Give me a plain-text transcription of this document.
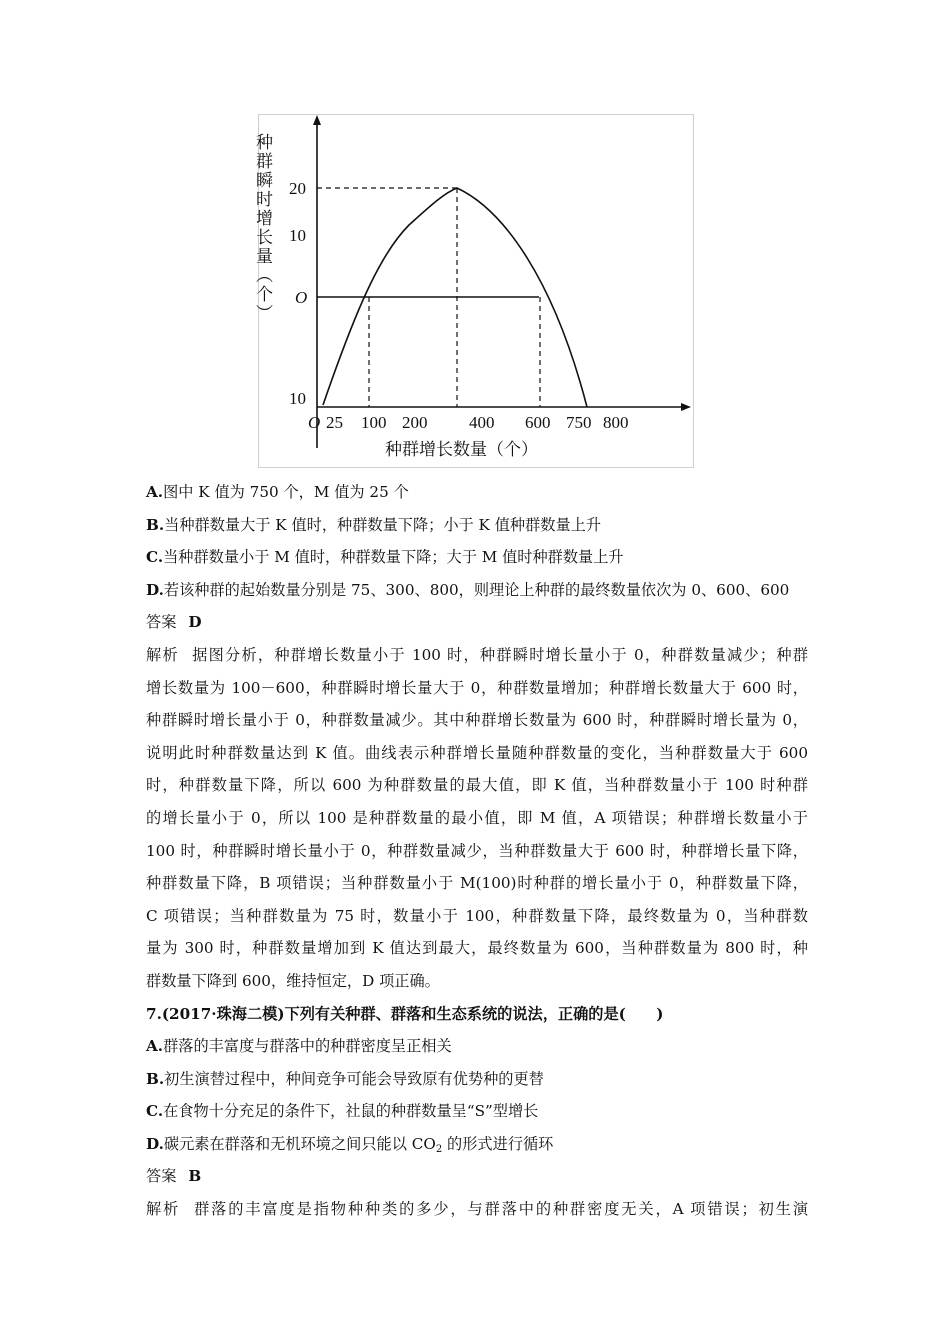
20
10
O
10
O 25 100 200 400 600 750 800
种群增长数量（个）
种群瞬时增长量（个）
A.图中 K 值为 750 个，M 值为 25 个
B.当种群数量大于 K 值时，种群数量下降；小于 K 值种群数量上升
C.当种群数量小于 M 值时，种群数量下降；大于 M 值时种群数量上升
D.若该种群的起始数量分别是 75、300、800，则理论上种群的最终数量依次为 0、600、600
答案 D
解析 据图分析，种群增长数量小于 100 时，种群瞬时增长量小于 0，种群数量减少；种群
增长数量为 100－600，种群瞬时增长量大于 0，种群数量增加；种群增长数量大于 600 时，
种群瞬时增长量小于 0，种群数量减少。其中种群增长数量为 600 时，种群瞬时增长量为 0，
说明此时种群数量达到 K 值。曲线表示种群增长量随种群数量的变化，当种群数量大于 600
时，种群数量下降，所以 600 为种群数量的最大值，即 K 值，当种群数量小于 100 时种群
的增长量小于 0，所以 100 是种群数量的最小值，即 M 值，A 项错误；种群增长数量小于
100 时，种群瞬时增长量小于 0，种群数量减少，当种群数量大于 600 时，种群增长量下降，
种群数量下降，B 项错误；当种群数量小于 M(100)时种群的增长量小于 0，种群数量下降，
C 项错误；当种群数量为 75 时，数量小于 100，种群数量下降，最终数量为 0，当种群数
量为 300 时，种群数量增加到 K 值达到最大，最终数量为 600，当种群数量为 800 时，种
群数量下降到 600，维持恒定，D 项正确。
7.(2017·珠海二模)下列有关种群、群落和生态系统的说法，正确的是(　　)
A.群落的丰富度与群落中的种群密度呈正相关
B.初生演替过程中，种间竞争可能会导致原有优势种的更替
C.在食物十分充足的条件下，社鼠的种群数量呈“S”型增长
D.碳元素在群落和无机环境之间只能以 $CO_2$ 的形式进行循环
答案 B
解析 群落的丰富度是指物种种类的多少，与群落中的种群密度无关，A 项错误；初生演
